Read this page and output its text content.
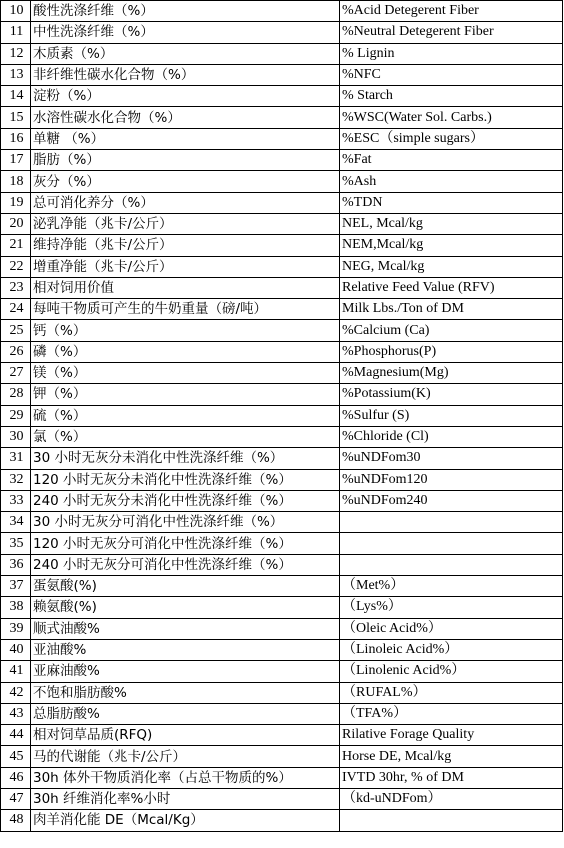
10	酸性洗涤纤维（%）	%Acid Detegerent Fiber
11	中性洗涤纤维（%）	%Neutral Detegerent Fiber
12	木质素（%）	% Lignin
13	非纤维性碳水化合物（%）	%NFC
14	淀粉（%）	% Starch
15	水溶性碳水化合物（%）	%WSC(Water Sol. Carbs.)
16	单糖 （%）	%ESC（simple sugars）
17	脂肪（%）	%Fat
18	灰分（%）	%Ash
19	总可消化养分（%）	%TDN
20	泌乳净能（兆卡/公斤）	NEL, Mcal/kg
21	维持净能（兆卡/公斤）	NEM,Mcal/kg
22	增重净能（兆卡/公斤）	NEG, Mcal/kg
23	相对饲用价值	Relative Feed Value (RFV)
24	每吨干物质可产生的牛奶重量（磅/吨）	Milk Lbs./Ton of DM
25	钙（%）	%Calcium (Ca)
26	磷（%）	%Phosphorus(P)
27	镁（%）	%Magnesium(Mg)
28	钾（%）	%Potassium(K)
29	硫（%）	%Sulfur (S)
30	氯（%）	%Chloride (Cl)
31	30 小时无灰分未消化中性洗涤纤维（%）	%uNDFom30
32	120 小时无灰分未消化中性洗涤纤维（%）	%uNDFom120
33	240 小时无灰分未消化中性洗涤纤维（%）	%uNDFom240
34	30 小时无灰分可消化中性洗涤纤维（%）	
35	120 小时无灰分可消化中性洗涤纤维（%）	
36	240 小时无灰分可消化中性洗涤纤维（%）	
37	蛋氨酸(%)	（Met%）
38	赖氨酸(%)	（Lys%）
39	顺式油酸%	（Oleic Acid%）
40	亚油酸%	（Linoleic Acid%）
41	亚麻油酸%	（Linolenic Acid%）
42	不饱和脂肪酸%	（RUFAL%）
43	总脂肪酸%	（TFA%）
44	相对饲草品质(RFQ)	Rilative Forage Quality
45	马的代谢能（兆卡/公斤）	Horse DE, Mcal/kg
46	30h 体外干物质消化率（占总干物质的%）	IVTD 30hr, % of DM
47	30h 纤维消化率%小时	（kd-uNDFom）
48	肉羊消化能 DE（Mcal/Kg）	
